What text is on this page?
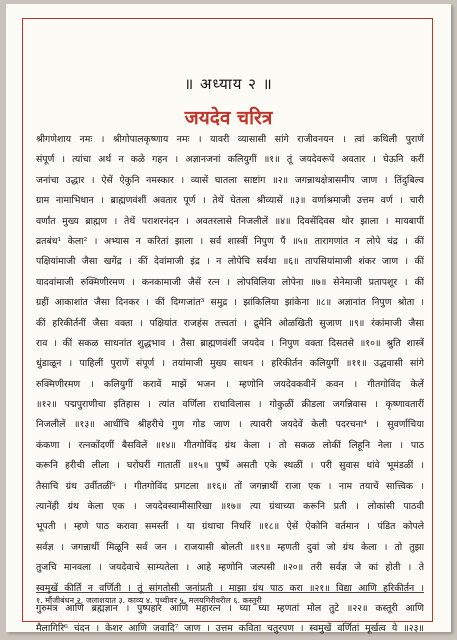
॥ अध्याय २ ॥
जयदेव चरित्र
श्रीगणेशाय नमः । श्रीगोपालकृष्णाय नमः । यावरी व्यासासी सांगे राजीवनयन । त्वां कथिली पुराणें
संपूर्ण । त्यांचा अर्थ न कळे गहन । अज्ञानजनां कलियुगीं ॥१॥ तूं जयदेवरूपें अवतार । घेऊनि करीं
जनांचा उद्धार । ऐसें ऐकुनि नमस्कार । व्यासें घातला साष्टांग ॥२॥ जगन्नाथक्षेत्रासमीप जाण । तिंदुबिल्व
ग्राम नामाभिधान । ब्राह्मणवंशीं अवतार पूर्ण । तेथें घेतला श्रीव्यासें ॥३॥ वर्णाश्रमाजी उत्तम वर्ण । चारी
वर्णांत मुख्य ब्राह्मण । तेथें पराशरनंदन । अवतरलासे निजलीलें ॥४॥ दिवसेंदिवस थोर झाला । मायबापीं
व्रतबंध¹ केला² । अभ्यास न करितां झाला । सर्व शास्त्रीं निपुण पैं ॥५॥ तारागणांत न लोपे चंद्र । कीं
पक्षियांमाजी जैसा खगेंद्र । कीं देवांमाजी इंद्र । न लोपेचि सर्वथा ॥६॥ तापसियांमाजी शंकर जाण । कीं
यादवांमाजी रुक्मिणीरमण । कनकामाजी जैसें रत्न । लोपविलिया लोपेना ॥७॥ सेनेमाजी प्रतापशूर । कीं
ग्रहीं आकाशांत जैसा दिनकर । कीं दिग्गजांत³ समुद्र । झांकिलिया झांकेना ॥८॥ अज्ञानांत निपुण श्रोता ।
कीं हरिकीर्तनीं जैसा वक्ता । पक्षियांत राजहंस तत्त्वतां । द्रुमेनि ओळखिती सुजाण ॥९॥ रंकांमाजी जैसा
राव । कीं सकळ साधनांत शुद्धभाव । तैसा ब्राह्मणवंशीं जयदेव । निपुण वक्ता दिसतसे ॥१०॥ श्रुति शास्त्रें
धुंडाळून । पाहिलीं पुराणें संपूर्ण । तयांमाजी मुख्य साधन । हरिकीर्तन कलियुगीं ॥११॥ उद्धवासी सांगे
रुक्मिणीरमण । कलियुगीं करावें माझें भजन । म्हणोनि जयदेवकवीनें कवन । गीतगोविंद केलें
॥१२॥ पद्मपुराणीचा इतिहास । त्यांत वर्णिला राधाविलास । गोकुळीं क्रीडला जगन्निवास । कृष्णावतारीं
निजलीलें ॥१३॥ आधींचि श्रीहरीचे गुण गोड जाण । त्यावरी जयदेवें केली पदरचना⁴ । सुवर्णाचिया
कंकणा । रत्नकोंदणीं बैसविलें ॥१४॥ गीतगोविंद ग्रंथ केला । तो सकळ लोकीं लिहूनि नेला । पाठ
करूनि हरीची लीला । घरोघरीं गातातीं ॥१५॥ पुष्पें असती एके स्थळीं । परी सुवास धांवे भूमंडळीं ।
तैसाचि ग्रंथ उर्वीतळीं⁵ । गीतगोविंद प्रगटला ॥१६॥ तों जगन्नाथीं राजा एक । नाम तयाचें सात्त्विक ।
त्यानेंही ग्रंथ केला एक । जयदेवस्वामीसारिखा ॥१७॥ त्या ग्रंथाच्या करूनि प्रती । लोकांसी पाठवी
भूपती । म्हणे पाठ करावा समस्तीं । या ग्रंथाचा निर्धारें ॥१८॥ ऐसें ऐकोनि वर्तमान । पंडित कोपले
सर्वज्ञ । जगन्नाथीं मिळूनि सर्व जन । राजयासी बोलती ॥१९॥ म्हणती दुवां जो ग्रंथ केला । तो तुझा
तुजचि मानवला । जयदेवाचे साम्यतेला । आहे म्हणोनि जल्पसी ॥२०॥ तरी सर्वज्ञ जे कां होती । ते
स्वमुखें कीर्ति न वर्णिती । तूं सांगतोसी जनांप्रती । माझा ग्रंथ पाठ करा ॥२१॥ विद्या आणि हरिकीर्तन ।
गुरुमंत्र आणि ब्रह्मज्ञान । पुष्पहार आणि महारत्न । घ्या घ्या म्हणतां मोल तुटे ॥२२॥ कस्तूरी आणि
मैलागिरि⁶ चंदन । केशर आणि जवादि⁷ जाण । उत्तम कविता चतुरपण । स्वमुखें वर्णितां मूर्खत्व ये ॥२३॥
१. मौंजीबंधन २. जलाशयात ३. काव्य ४. पृथ्वीवर ५. मलयगिरीवरील ६. कस्तुरी
